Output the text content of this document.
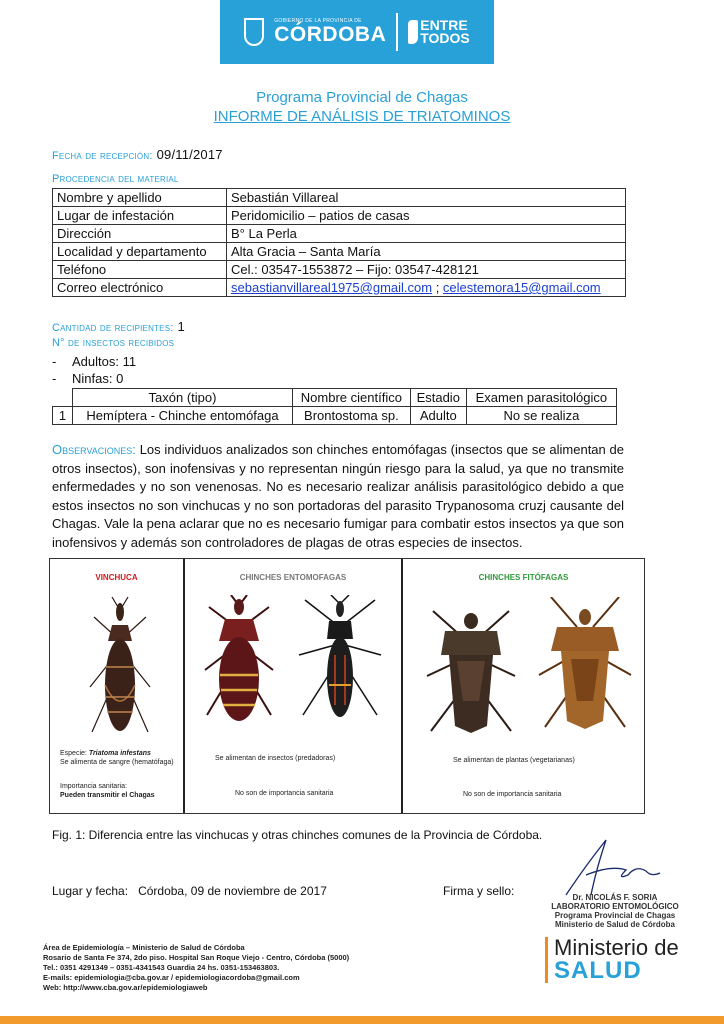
GOBIERNO DE LA PROVINCIA DE
CÓRDOBA ENTRE
TODOS
Programa Provincial de Chagas
INFORME DE ANÁLISIS DE TRIATOMINOS
Fecha de recepción: 09/11/2017
Procedencia del material
Nombre y apellido	Sebastián Villareal
Lugar de infestación	Peridomicilio – patios de casas
Dirección	B° La Perla
Localidad y departamento	Alta Gracia – Santa María
Teléfono	Cel.: 03547-1553872 – Fijo: 03547-428121
Correo electrónico	sebastianvillareal1975@gmail.com ; celestemora15@gmail.com
Cantidad de recipientes: 1
N° de insectos recibidos
- Adultos: 11
- Ninfas: 0
	Taxón (tipo)	Nombre científico	Estadio	Examen parasitológico
1	Hemíptera - Chinche entomófaga	Brontostoma sp.	Adulto	No se realiza
Observaciones: Los individuos analizados son chinches entomófagas (insectos que se alimentan de otros insectos), son inofensivas y no representan ningún riesgo para la salud, ya que no transmite enfermedades y no son venenosas. No es necesario realizar análisis parasitológico debido a que estos insectos no son vinchucas y no son portadoras del parasito Trypanosoma cruzj causante del Chagas. Vale la pena aclarar que no es necesario fumigar para combatir estos insectos ya que son inofensivos y además son controladores de plagas de otras especies de insectos.
VINCHUCA
Especie: Triatoma infestans
Se alimenta de sangre (hematófaga)
Importancia sanitaria:
Pueden transmitir el Chagas
CHINCHES ENTOMOFAGAS
Se alimentan de insectos (predadoras)
No son de importancia sanitaria
CHINCHES FITÓFAGAS
Se alimentan de plantas (vegetarianas)
No son de importancia sanitaria
Fig. 1: Diferencia entre las vinchucas y otras chinches comunes de la Provincia de Córdoba.
Lugar y fecha: Córdoba, 09 de noviembre de 2017	Firma y sello:	Dr. NICOLÁS F. SORIA
LABORATORIO ENTOMOLÓGICO
Programa Provincial de Chagas
Ministerio de Salud de Córdoba
Área de Epidemiología – Ministerio de Salud de Córdoba
Rosario de Santa Fe 374, 2do piso. Hospital San Roque Viejo - Centro, Córdoba (5000)
Tel.: 0351 4291349 – 0351-4341543 Guardia 24 hs. 0351-153463803.
E-mails: epidemiologia@cba.gov.ar / epidemiologiacordoba@gmail.com
Web: http://www.cba.gov.ar/epidemiologiaweb
Ministerio de
SALUD
